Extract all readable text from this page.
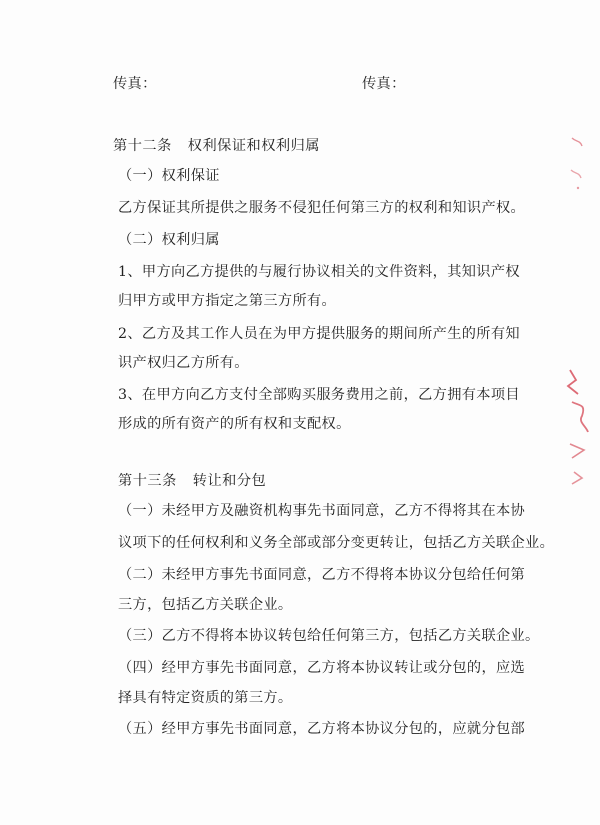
传真：	传真：
第十二条 权利保证和权利归属
（一）权利保证
乙方保证其所提供之服务不侵犯任何第三方的权利和知识产权。
（二）权利归属
1、甲方向乙方提供的与履行协议相关的文件资料，其知识产权
归甲方或甲方指定之第三方所有。
2、乙方及其工作人员在为甲方提供服务的期间所产生的所有知
识产权归乙方所有。
3、在甲方向乙方支付全部购买服务费用之前，乙方拥有本项目
形成的所有资产的所有权和支配权。
第十三条 转让和分包
（一）未经甲方及融资机构事先书面同意，乙方不得将其在本协
议项下的任何权利和义务全部或部分变更转让，包括乙方关联企业。
（二）未经甲方事先书面同意，乙方不得将本协议分包给任何第
三方，包括乙方关联企业。
（三）乙方不得将本协议转包给任何第三方，包括乙方关联企业。
（四）经甲方事先书面同意，乙方将本协议转让或分包的，应选
择具有特定资质的第三方。
（五）经甲方事先书面同意，乙方将本协议分包的，应就分包部
